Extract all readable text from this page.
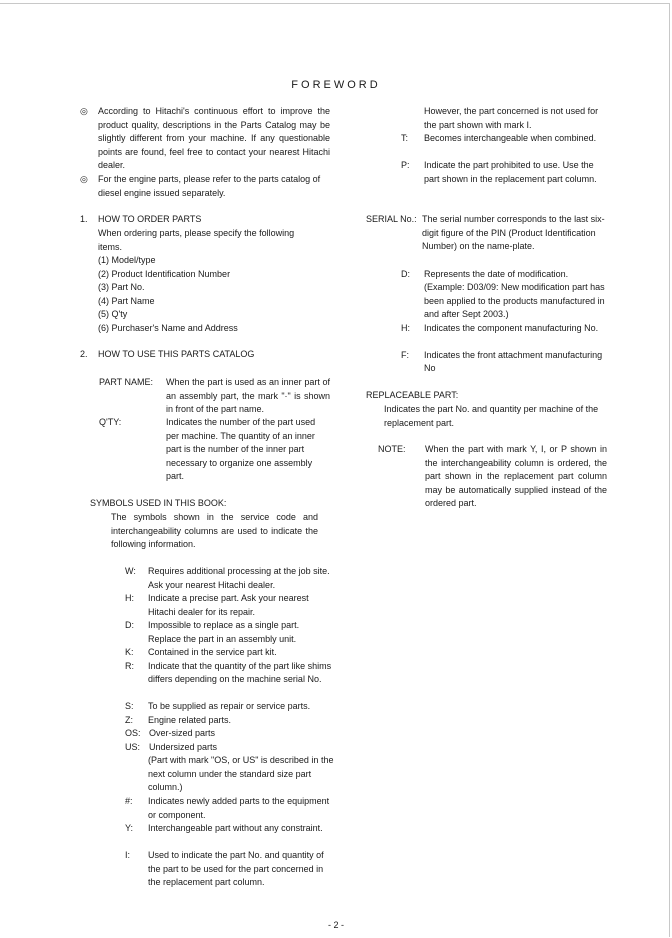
FOREWORD
◎ According to Hitachi's continuous effort to improve the product quality, descriptions in the Parts Catalog may be slightly different from your machine. If any questionable points are found, feel free to contact your nearest Hitachi dealer.
◎ For the engine parts, please refer to the parts catalog of diesel engine issued separately.
1. HOW TO ORDER PARTS
When ordering parts, please specify the following items.
(1) Model/type
(2) Product Identification Number
(3) Part No.
(4) Part Name
(5) Q'ty
(6) Purchaser's Name and Address
2. HOW TO USE THIS PARTS CATALOG
PART NAME: When the part is used as an inner part of an assembly part, the mark "·" is shown in front of the part name.
Q'TY:	Indicates the number of the part used per machine. The quantity of an inner part is the number of the inner part necessary to organize one assembly part.
SYMBOLS USED IN THIS BOOK:
The symbols shown in the service code and interchangeability columns are used to indicate the following information.
W: Requires additional processing at the job site. Ask your nearest Hitachi dealer.
H: Indicate a precise part. Ask your nearest Hitachi dealer for its repair.
D: Impossible to replace as a single part. Replace the part in an assembly unit.
K: Contained in the service part kit.
R: Indicate that the quantity of the part like shims differs depending on the machine serial No.
S: To be supplied as repair or service parts.
Z: Engine related parts.
OS: Over-sized parts
US: Undersized parts
(Part with mark "OS, or US" is described in the next column under the standard size part column.)
#: Indicates newly added parts to the equipment or component.
Y: Interchangeable part without any constraint.
I: Used to indicate the part No. and quantity of the part to be used for the part concerned in the replacement part column.
However, the part concerned is not used for the part shown with mark I.
T: Becomes interchangeable when combined.
P: Indicate the part prohibited to use. Use the part shown in the replacement part column.
SERIAL No.: The serial number corresponds to the last six-digit figure of the PIN (Product Identification Number) on the name-plate.
D: Represents the date of modification. (Example: D03/09: New modification part has been applied to the products manufactured in and after Sept 2003.)
H: Indicates the component manufacturing No.
F: Indicates the front attachment manufacturing No
REPLACEABLE PART:
Indicates the part No. and quantity per machine of the replacement part.
NOTE: When the part with mark Y, I, or P shown in the interchangeability column is ordered, the part shown in the replacement part column may be automatically supplied instead of the ordered part.
- 2 -
